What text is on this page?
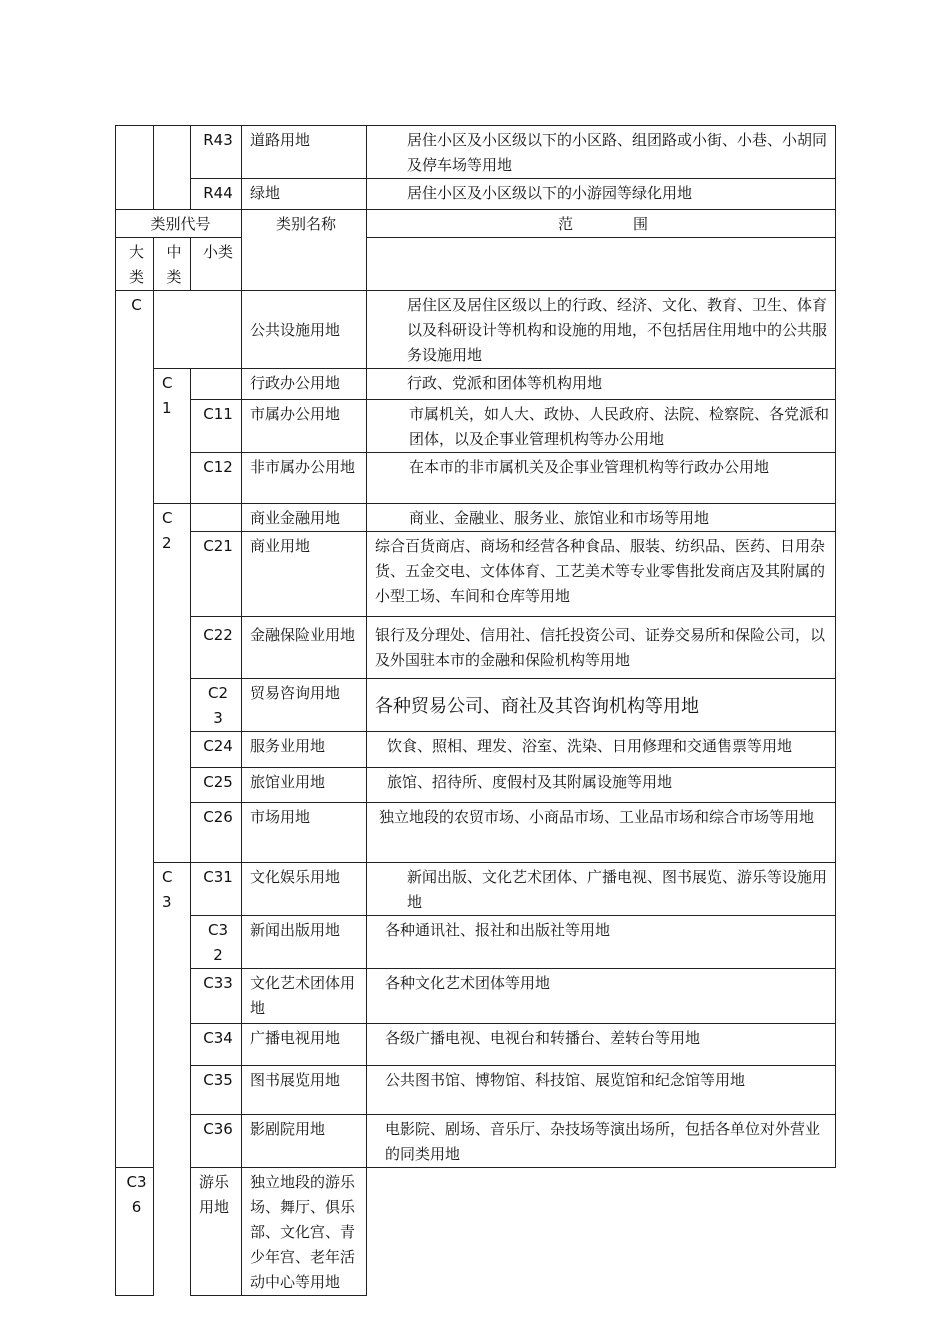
		R43	道路用地	居住小区及小区级以下的小区路、组团路或小街、小巷、小胡同及停车场等用地
		R44	绿地	居住小区及小区级以下的小游园等绿化用地
类别代号			类别名称	范 围
大类	中类	小类		
C			公共设施用地	居住区及居住区级以上的行政、经济、文化、教育、卫生、体育以及科研设计等机构和设施的用地，不包括居住用地中的公共服务设施用地
	C1		行政办公用地	行政、党派和团体等机构用地
		C11	市属办公用地	市属机关，如人大、政协、人民政府、法院、检察院、各党派和团体，以及企事业管理机构等办公用地
		C12	非市属办公用地	在本市的非市属机关及企事业管理机构等行政办公用地
	C2		商业金融用地	商业、金融业、服务业、旅馆业和市场等用地
		C21	商业用地	综合百货商店、商场和经营各种食品、服装、纺织品、医药、日用杂货、五金交电、文体体育、工艺美术等专业零售批发商店及其附属的小型工场、车间和仓库等用地
		C22	金融保险业用地	银行及分理处、信用社、信托投资公司、证券交易所和保险公司，以及外国驻本市的金融和保险机构等用地
		C23	贸易咨询用地	各种贸易公司、商社及其咨询机构等用地
		C24	服务业用地	饮食、照相、理发、浴室、洗染、日用修理和交通售票等用地
		C25	旅馆业用地	旅馆、招待所、度假村及其附属设施等用地
		C26	市场用地	独立地段的农贸市场、小商品市场、工业品市场和综合市场等用地
	C3	C31	文化娱乐用地	新闻出版、文化艺术团体、广播电视、图书展览、游乐等设施用地
		C32	新闻出版用地	各种通讯社、报社和出版社等用地
		C33	文化艺术团体用地	各种文化艺术团体等用地
		C34	广播电视用地	各级广播电视、电视台和转播台、差转台等用地
		C35	图书展览用地	公共图书馆、博物馆、科技馆、展览馆和纪念馆等用地
		C36	影剧院用地	电影院、剧场、音乐厅、杂技场等演出场所，包括各单位对外营业的同类用地
C36		游乐用地	独立地段的游乐场、舞厅、俱乐部、文化宫、青少年宫、老年活动中心等用地	
